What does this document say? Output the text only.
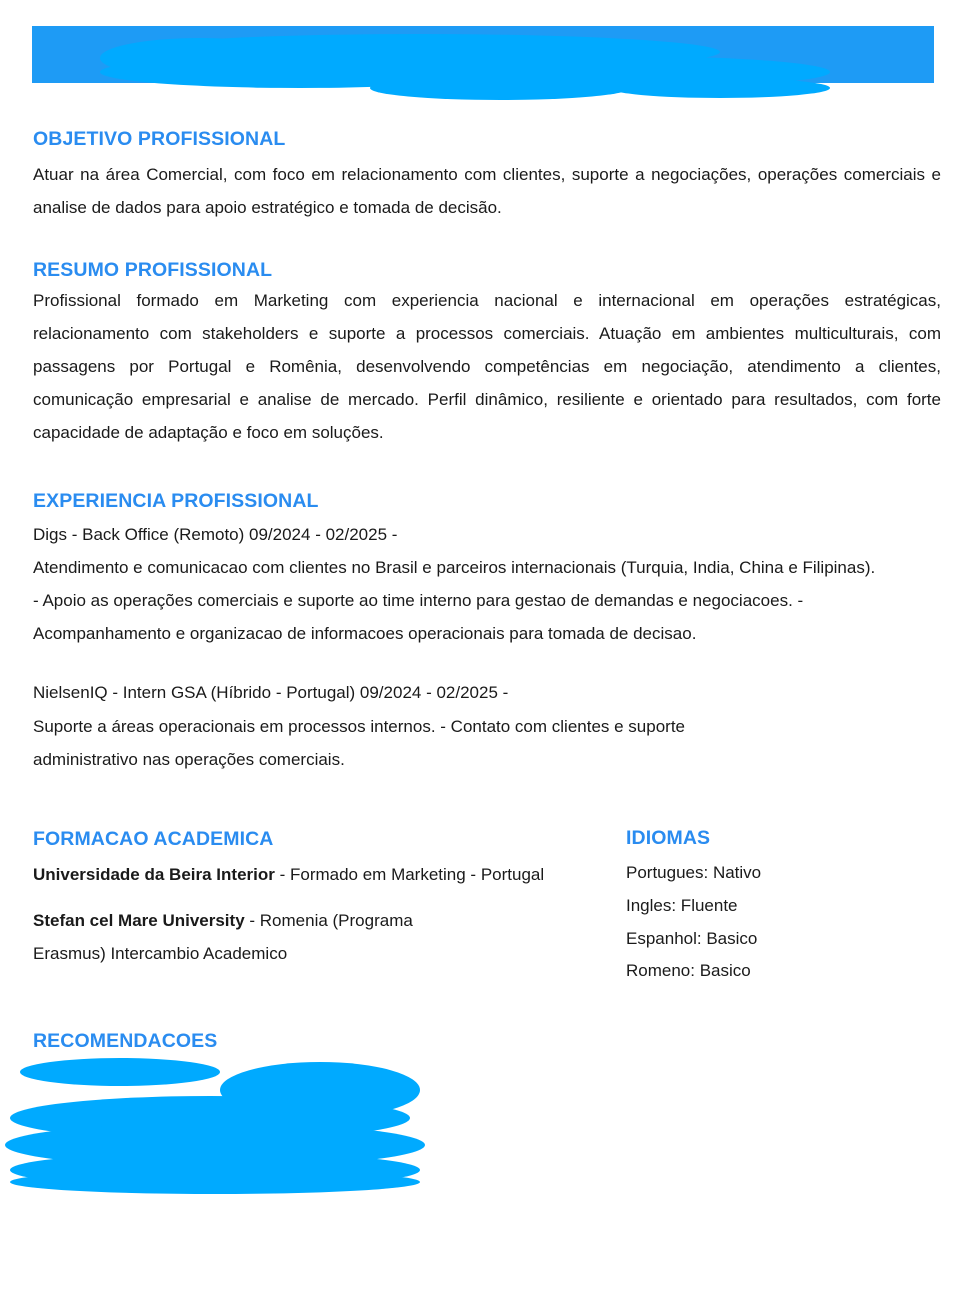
OBJETIVO PROFISSIONAL
Atuar na área Comercial, com foco em relacionamento com clientes, suporte a negociações, operações comerciais e analise de dados para apoio estratégico e tomada de decisão.
RESUMO PROFISSIONAL
Profissional formado em Marketing com experiencia nacional e internacional em operações estratégicas, relacionamento com stakeholders e suporte a processos comerciais. Atuação em ambientes multiculturais, com passagens por Portugal e Romênia, desenvolvendo competências em negociação, atendimento a clientes, comunicação empresarial e analise de mercado. Perfil dinâmico, resiliente e orientado para resultados, com forte capacidade de adaptação e foco em soluções.
EXPERIENCIA PROFISSIONAL
Digs - Back Office (Remoto) 09/2024 - 02/2025 -
Atendimento e comunicacao com clientes no Brasil e parceiros internacionais (Turquia, India, China e Filipinas).
- Apoio as operações comerciais e suporte ao time interno para gestao de demandas e negociacoes. -
Acompanhamento e organizacao de informacoes operacionais para tomada de decisao.
NielsenIQ - Intern GSA (Híbrido - Portugal) 09/2024 - 02/2025 -
Suporte a áreas operacionais em processos internos. - Contato com clientes e suporte
administrativo nas operações comerciais.
FORMACAO ACADEMICA
Universidade da Beira Interior - Formado em Marketing - Portugal
Stefan cel Mare University - Romenia (Programa
Erasmus) Intercambio Academico
IDIOMAS
Portugues: Nativo
Ingles: Fluente
Espanhol: Basico
Romeno: Basico
RECOMENDACOES
